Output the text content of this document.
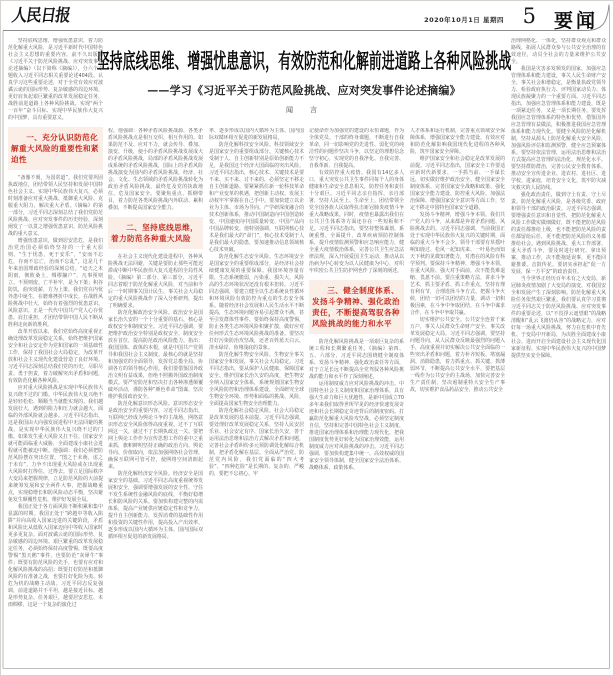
人民日报	2020年10月1日 星期四 5 要闻
坚持底线思维、增强忧患意识，有效防范和化解前进道路上各种风险挑战
——学习《习近平关于防范风险挑战、应对突发事件论述摘编》
闻　言

坚持底线思维，增强忧患意识，着力防范化解重大风险，是习近平新时代中国特色社会主义思想的重要内容。前不久出版的《习近平关于防范风险挑战、应对突发事件论述摘编》（以下简称《摘编》），分六个专题收入习近平同志相关重要论述404段。认真学习这些重要论述，对于全党有效应对波谲云诡的国际形势、复杂敏感的周边环境，更好肩负起艰巨繁重的改革发展稳定任务，战胜前进道路上各种风险挑战，实现“两个一百年”奋斗目标、实现中华民族伟大复兴的中国梦，具有重要意义。

一、充分认识防范化解重大风险的重要性和紧迫性

“备豫不虞，为国常道”。我们党要巩固执政地位，团结带领人民坚持和发展中国特色社会主义、实现中华民族伟大复兴，必须时刻准备应对重大挑战、抵御重大风险、克服重大阻力、解决重大矛盾。《摘编》的第一部分，习近平同志深刻总结了我们党防范风险挑战、应对突发事件的历史经验，深刻阐发了一以贯之增强忧患意识、防范风险挑战的重大意义。

增强忧患意识，做到居安思危，是我们治党治国必须始终坚持的一个重大原则。“生于忧患，死于安乐”，“安而不忘危，存而不忘亡，治而不忘乱”，这是几千年来治国理政经验的深刻总结。“迨天之未阴雨，彻彼桑土，绸缪牖户”，凡事预则立、不预则废。亡羊补牢，是为下策；积谷防饥，曲突徙薪，方为上策。我们党在内忧外患中诞生，在磨难挫折中成长，在战胜风险挑战中壮大，始终有着强烈的忧患意识、风险意识。正是一代代中国共产党人心存忧患、肩扛重担，才团结带领中国人民不断从胜利走向新的胜利。

改革开放以来，我们党始终高度重视正确处理改革发展稳定关系，始终把维护国家安全和社会安定作为党和国家的一项基础性工作，保持了我国社会大局稳定，为改革开放和社会主义现代化建设营造了良好环境。习近平同志深刻总结我们党的历史，尽职尽责、勇于担责，着力破解突出矛盾和问题，有效防范化解各种风险。

应对重大风险挑战是实现中华民族伟大复兴绕不过的门槛。中华民族伟大复兴绝不是轻轻松松、顺顺当当就能实现的。我们越发展壮大，遇到的阻力和压力就会越大，面临的外部风险就会越多。习近平同志指出，这是我国由大向强发展进程中无法回避的挑战，是实现中华民族伟大复兴绕不过的门槛。如果发生重大风险又扛不住，国家安全就可能面临重大威胁，全面建成小康社会进程就可能被迫中断。他强调：我们必须把防范风险摆在突出位置，“图之于未萌，虑之于未有”，力争不出现重大风险或在出现重大风险时扛得住、过得去。要立足国际秩序大变局来把握规律，立足防范风险的大前提来统筹发展和安全两件大事，把握战略重点，实现稳增长和防风险动态平衡，坚决避免发生颠覆性危机，维护好发展全局。

我国正处于各方面风险不断积累和集中显露的时期。我国正处于“跨越中等收入陷阱”并向高收入国家迈进的关键阶段，矛盾和风险比从低收入国家迈向中等收入国家时更多更复杂。面对波谲云诡的国际形势、复杂敏感的周边环境、艰巨繁重的改革发展稳定任务，必须始终保持高度警惕，既要高度警惕“黑天鹅”事件，也要防范“灰犀牛”事件；既要有防范风险的先手，也要有应对和化解风险挑战的高招；既要打好防范和抵御风险的有准备之战，也要打好化险为夷、转危为机的战略主动战。习近平同志反复强调，前进道路并不平坦，越是接近目标，越是形势复杂、任务艰巨，越要居安思危、未雨绸缪，这是一个复杂的演化过

程。他强调：各种矛盾风险挑战源、各类矛盾风险挑战点是相互交织、相互作用的。如果防范不及、应对不力，就会传导、叠加、演变、升级，使小的矛盾风险挑战发展成大的矛盾风险挑战，局部的矛盾风险挑战发展成系统的矛盾风险挑战，国际上的矛盾风险挑战演变为国内的矛盾风险挑战，经济、社会、文化、生态领域的矛盾风险挑战转化为政治矛盾风险挑战，最终危及党的执政地位、危及国家安全。要聚焦重点、抓纲带目，着力防范各类风险挑战内外联动、累积叠加，不断提高国家安全能力。

二、坚持底线思维，着力防范各种重大风险

在社会主义现代化建设进程中，各种风险挑战无法回避，关键是要防止那些可能迟滞或中断中华民族伟大复兴进程的全局性风险。《摘编》第二部分、第三部分，习近平同志着眼于防范化解重大风险，对当前和今后一个时期事关国计民生、事关社会大局稳定的重大风险挑战作了深入分析研判，提出了明确要求。

防范化解政治安全风险。政治安全是国家长治久安的一个十分重要的基石，核心是政权安全和制度安全。习近平同志强调，要把维护政治安全特别是政权安全、制度安全放在首位，提高防范政治风险能力。指出：我国国体、政体的本根，就是中国共产党领导和我国社会主义制度。最核心的就是坚持和加强党的全面领导，发挥党总揽全局、协调各方的领导核心作用。我们要借鉴国外政治文明有益成果，但绝不照搬外国政治制度模式。要严密防范和坚决打击各种渗透颠覆破坏活动，谨防各种“颜色革命”图谋，坚决维护我国政治安全。

防范化解意识形态风险。意识形态安全是政治安全的重要内容。习近平同志指出，互联网已经成为舆论斗争的主战场，网络意识形态安全风险值得高度重视。过不了互联网这一关，就过不了长期执政这一关。要把网上舆论工作作为宣传思想工作的重中之重来抓，旗帜鲜明坚持正确的政治方向、舆论导向、价值取向，依法加强网络社会管理，确保互联网可管可控，使网络空间清朗起来。

防范化解经济安全风险。经济安全是国家安全的基础。习近平同志高度重视统筹发展和安全，强调要增强发展的安全性，守住不发生系统性金融风险的底线，平衡好稳增长和防风险的关系。要加快构建完整的内需体系，提高产业链供应链稳定性和竞争力，提升自主创新能力，发挥消费的基础性作用和投资的关键性作用，提高投入产出效率、逐步形成以国内大循环为主体、国内国际双循环相互促进的新发展格局。

率、逐步形成以国内大循环为主体、国内国际双循环相互促进的新发展格局。

防范化解科技安全风险。科技领域安全是国家安全的重要组成部分。关键核心技术受制于人、自主创新特别是原始创新能力不足，是我国这个经济大国面临的突出风险。习近平同志指出，核心技术、关键技术是要不来、买不来、讨不来的，必须坚定不移走自主创新道路。要紧紧抓住新一轮科技革命和产业变革的机遇，把创新主动权、发展主动权牢牢掌握在自己手中。要加快建立以企业为主体、市场为导向、产学研深度融合的技术创新体系，推动中国制造向中国创造转变、中国速度向中国质量转变、中国产品向中国品牌转变。他特别强调，互联网核心技术是我们最大的“命门”，核心技术受制于人是我们最大的隐患，要加速推动信息领域核心技术突破。

防范化解生态安全风险。生态环境安全是国家安全的重要组成部分，是经济社会持续健康发展的重要保障。我国环境容量有限，生态系统脆弱，污染重、损失大、风险高的生态环境状况还没有根本扭转。习近平同志强调，要建立健全以生态系统良性循环和环境风险有效防控为重点的生态安全体系。随着经济社会发展和人民生活水平不断提高，生态环境问题容易引起群众不满，甚至引发群体性事件。要始终保持高度警惕，防止各类生态环境风险积聚扩散，做好应对任何形式生态环境风险挑战的准备。要坚决打好污染防治攻坚战，还老百姓蓝天白云、清水绿岸、鱼翔浅底的景象。

防范化解生物安全风险。生物安全事关国家安全和发展，事关社会大局稳定。习近平同志指出，要从保护人民健康、保障国家安全、维护国家长治久安的高度，把生物安全纳入国家安全体系，系统规划国家生物安全风险防控和治理体系建设，全面研究全球生物安全环境、形势和面临的挑战、风险，全面提高国家生物安全治理能力。

防范化解社会稳定风险。社会大局稳定是改革发展的基本前提。习近平同志强调，要处理好改革发展稳定关系，坚持人民安居乐业、社会安定有序、国家长治久安，善于运用法治思维和法治方式解决矛盾和问题，完善社会矛盾纠纷多元预防调处化解综合机制，把矛盾化解在基层。全面从严治党、防范党内风险，我们党面临的“四大考验”、“四种危险”是长期的、复杂的、严峻的，要把不忘初心、牢

记使命作为加强党的建设的永恒课题，作为全体党员、干部的终身课题，不断进行自我革命，同一切影响党的先进性、弱化党的纯洁性的问题作坚决斗争，以坚定的理想信念坚守初心，实现党的自我净化、自我完善、自我革新、自我提高。

有效防控重大疫情。我国有14亿多人口，重大突发公共卫生事件同每个人的身体健康和生命安全息息相关，防控任务和责任十分艰巨。习近平同志亲自指挥、亲自部署，坚持人民至上、生命至上，团结带领全党全国各族人民取得抗击新冠肺炎疫情斗争重大战略成果。同时，疫情也暴露出我们在公共卫生体系等方面还存在一些短板和不足。习近平同志指出，要坚持整体谋划、系统重塑、全面提升，改革疾病预防控制体系，提升疫情监测预警和应急响应能力，健全重大疫情救治体系，完善公共卫生应急法律法规，深入开展爱国卫生运动，推动从以治病为中心转变为以人民健康为中心，对织牢织密公共卫生防护网也作了深刻的阐述。

三、健全制度体系、发扬斗争精神、强化政治责任，不断提高驾驭各种风险挑战的能力和水平

防范化解风险挑战是一项艰巨复杂的系统工程和长期繁重任务。《摘编》第四、五、六部分，习近平同志围绕健全制度体系、发扬斗争精神、强化政治责任等方面，对于立足长远不断提高全党驾驭各种风险挑战的能力和水平作了深刻阐述。

运用制度威力应对风险挑战的冲击。中国特色社会主义制度和国家治理体系，具有强大生命力和巨大优越性，是新中国成立70多年来我们取得世所罕见的经济快速发展奇迹和社会长期稳定奇迹背后的制度密码。打赢防范化解重大风险攻坚战，必须坚定制度自信，坚持和完善中国特色社会主义制度，推进国家治理体系和治理能力现代化，把我国制度优势更好转化为国家治理效能，运用制度威力应对风险挑战的冲击。习近平同志强调，要加快构建集中统一、高效权威的国家安全领导体制，健全国家安全法治体系、战略体系、政策体系、

人才体系和运行机制，完善重点领域安全保障体系，增强国家安全能力建设，有效应对和防范化解影响我国现代化进程的各种风险，筑牢国家安全屏障。

维护国家安全和社会稳定是改革发展的前提。习近平同志指出，国家安全工作要适应新时代新要求，一手抓当前、一手谋长远，切实做好维护政治安全、健全国家安全制度体系、完善国家安全战略和政策、强化国家安全能力建设、防控重大风险、加强法治保障、增强国家安全意识等方面工作，坚定不移走中国特色国家安全道路。

发扬斗争精神，增强斗争本领。我们共产党人的斗争，从来都是奔着矛盾问题、风险挑战去的。习近平同志强调，当前我国正处于实现中华民族伟大复兴的关键时期，面临的重大斗争不会少。领导干部要有草摇叶响知鹿过、松风一起知虎来、一叶易色而知天下秋的见微知著能力，对潜在的风险有科学预判。要保持斗争精神、增强斗争本领，在重大风险、强大对手面前，决不能畏难退缩、畏葸不前。要注重策略方法，讲求斗争艺术，抓主要矛盾、抓工作重点，坚持有理有利有节，合理选择斗争方式、把握斗争火候，团结一切可以团结的力量，调动一切积极因素，在斗争中争取团结，在斗争中谋求合作，在斗争中争取共赢。

切实维护公共安全。公共安全连着千家万户，事关人民群众生命财产安全，事关改革发展稳定大局。习近平同志强调，要坚持问题导向，从人民群众反映最强烈的问题入手，高度重视并切实解决公共安全面临的一些突出矛盾和问题，着力补齐短板、堵塞漏洞、消除隐患，着力抓重点、抓关键、抓薄弱环节，不断提高公共安全水平。要把基层一线作为公共安全的主战场，加快完善安全生产责任制，坚决遏制重特大安全生产事故，切实维护食品药品安全，推动公共安全

治理网格化、一体化，坚持群众观点和群众路线，拓展人民群众参与公共安全治理的有效途径，动员全社会的力量来维护公共安全。

我国是灾害多发频发的国家，加强应急管理体系和能力建设，事关人民生命财产安全，事关社会和谐稳定，是衡量执政党领导力、检验政府执行力、评判国家动员力、体现民族凝聚力的一个重要方面。习近平同志指出，加强应急管理体系和能力建设，既是一项紧迫任务，又是一项长期任务。要发挥我国应急管理体系的特色和优势，借鉴国外应急管理有益做法，积极推进我国应急管理体系和能力现代化。要健全风险防范化解机制，坚持从源头上防范化解重大安全风险，加强风险评估和监测预警，健全应急预案体系。要坚持依法管理，运用法治思维和法治方式提高应急管理的法治化、规范化水平。要坚持群防群治，完善公民安全教育体系，推动安全宣传进企业、进农村、进社区、进学校、进家庭，培育安全文化，筑牢防灾减灾救灾的人民防线。

强化政治责任，做到守土有责、守土尽责。防范化解重大风险，是各级党委、政府和领导干部的政治职责。习近平同志强调，要增强责任意识和自觉性，把防范化解重大风险工作做实做细做好，既不能把防范风险的责任都推给上级，也不能把防范风险的责任都留给后任，更不能把防范风险的义务都推给社会。遇到风险挑战、重大工作部署、重大矛盾斗争，要及时进行研究、拿出预案、推动工作，决不能拖延误事，更不能回避推诿、击鼓传花。要切实承担起“促一方发展、保一方平安”的政治责任。

当今世界正经历百年未有之大变局，新冠肺炎疫情加剧了大变局的演变，对我国安全和发展产生了深刻影响。防范化解重大风险任务依然艰巨繁重。我们要认真学习贯彻习近平同志关于防范风险挑战、应对突发事件的重要论述，以“不畏浮云遮望眼”的战略清醒和“乱云飞渡仍从容”的战略定力，应对好每一场重大风险挑战，努力在危机中育先机、于变局中开新局，为决胜全面建成小康社会、进而开启全面建设社会主义现代化国家新征程、实现中华民族伟大复兴的中国梦提供坚实安全保障。
